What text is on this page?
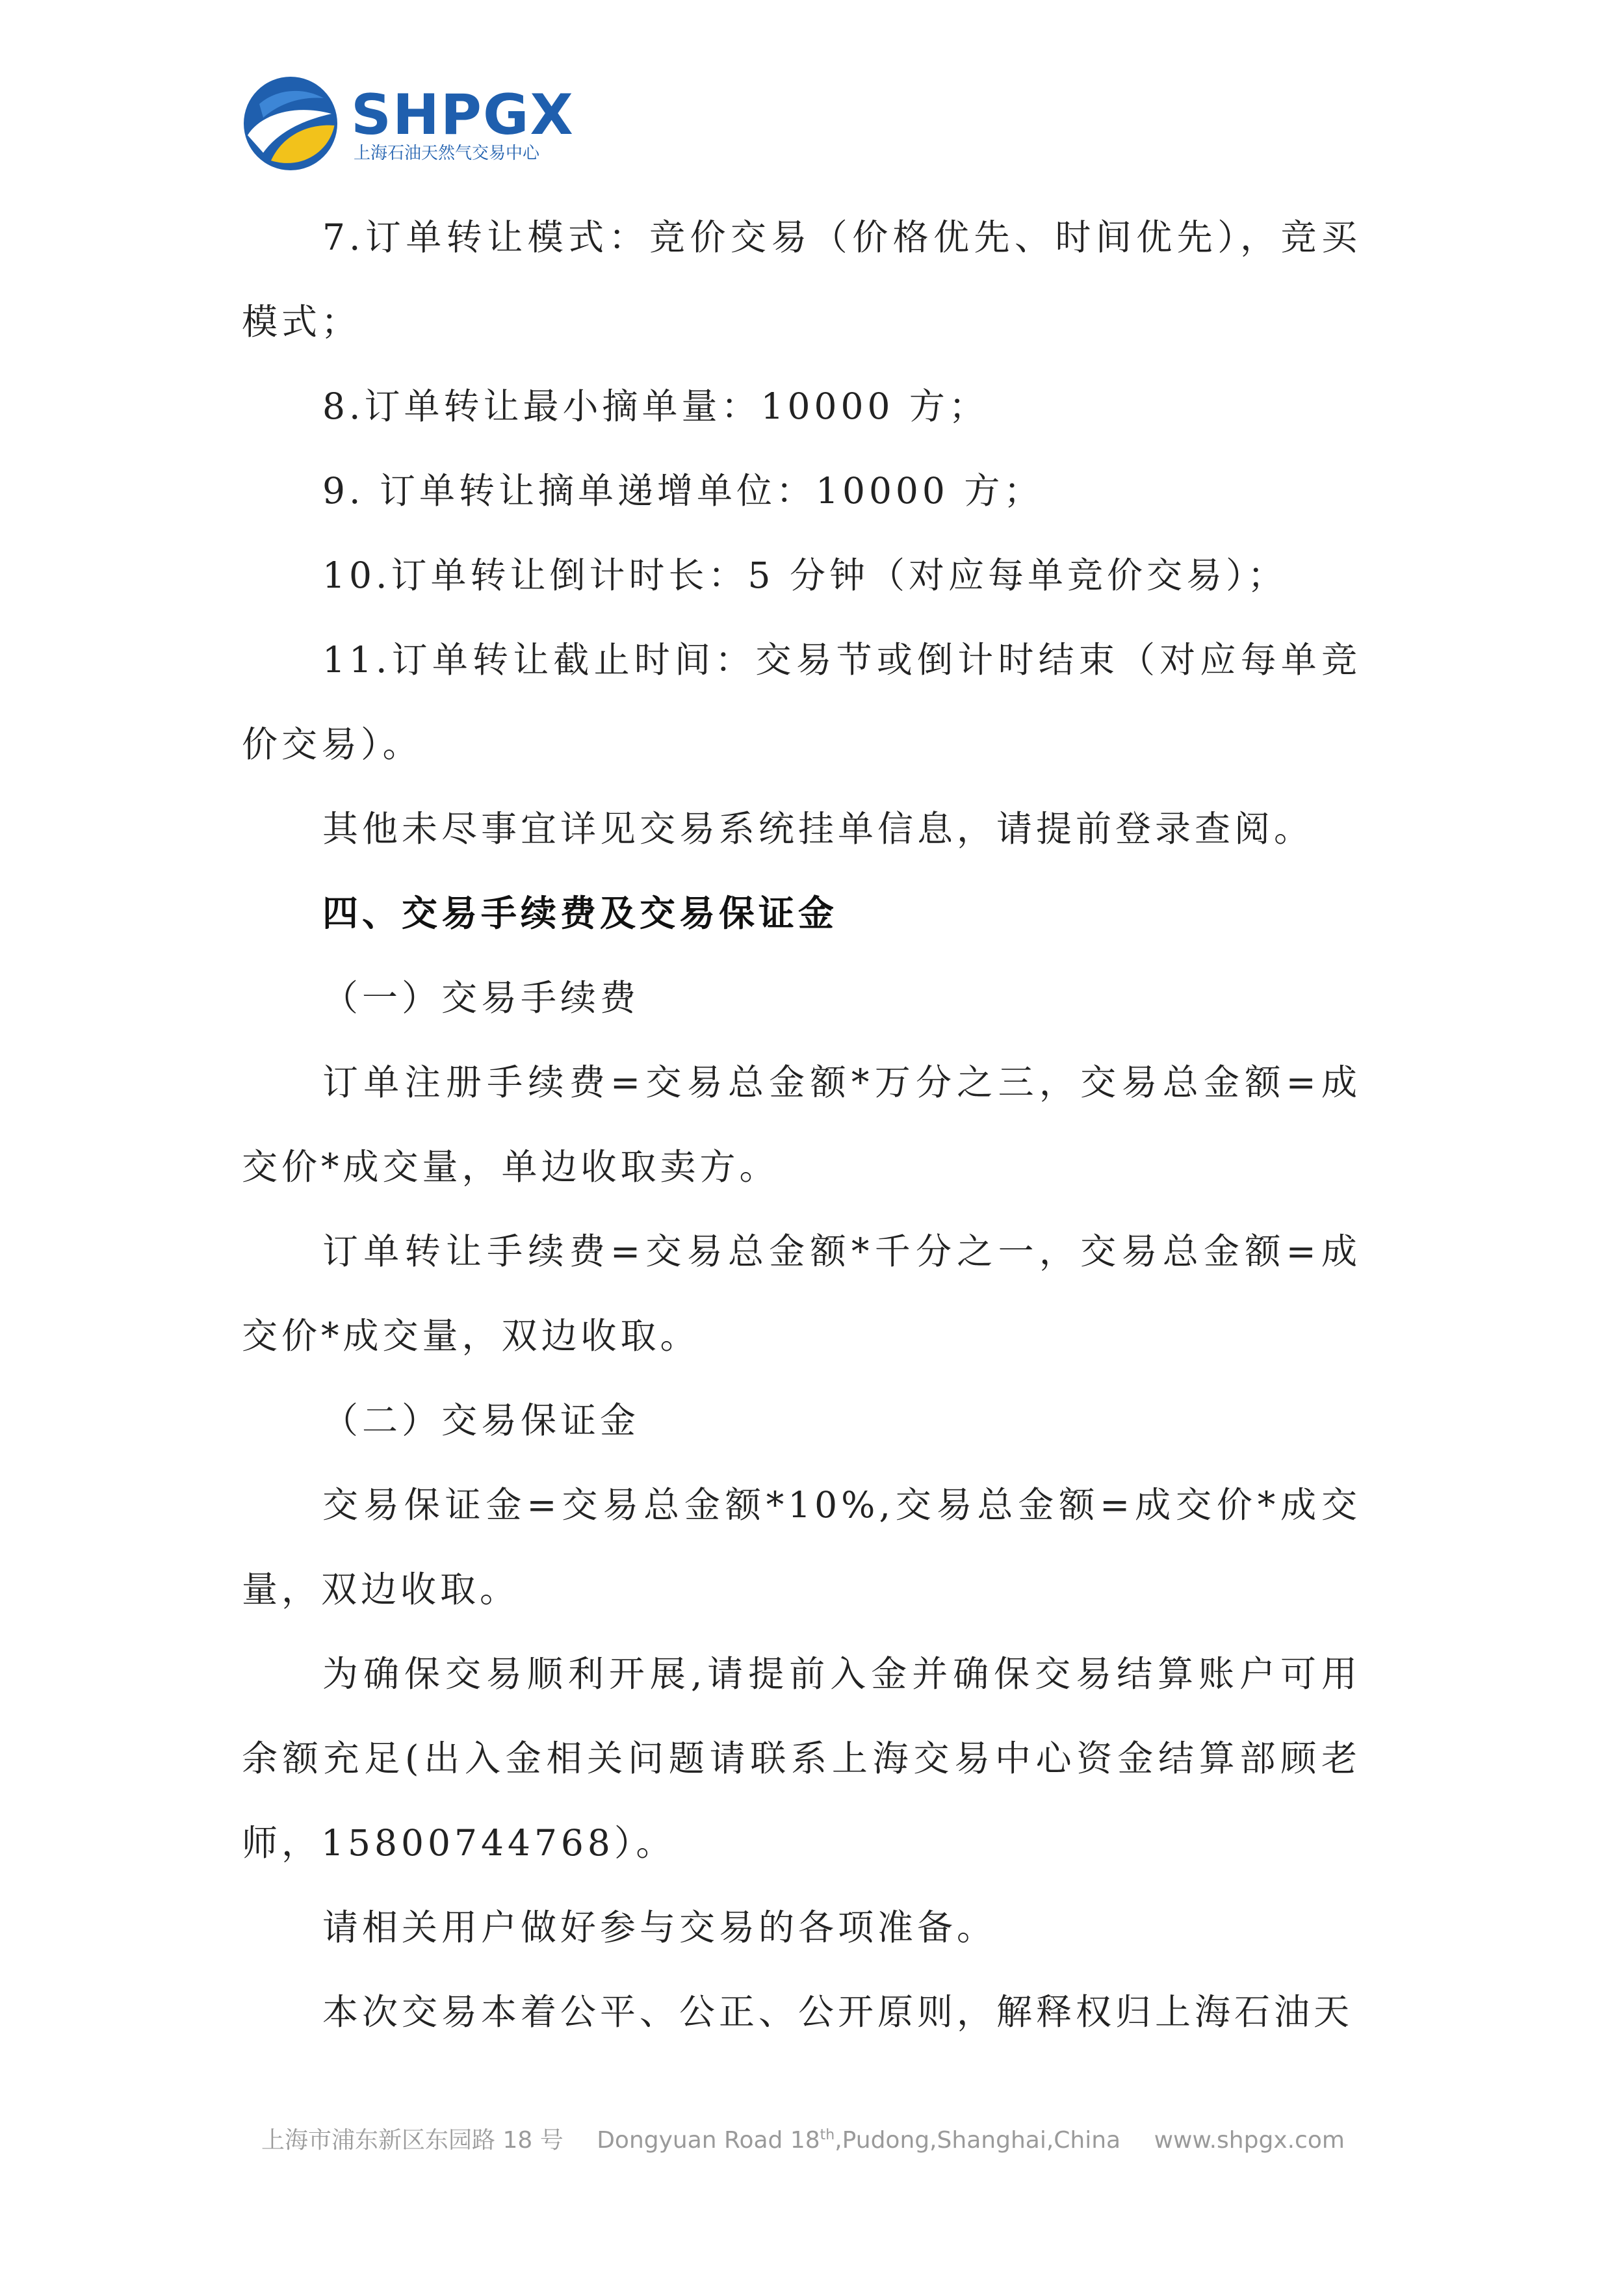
SHPGX
上海石油天然气交易中心

7.订单转让模式：竞价交易（价格优先、时间优先），竞买模式；

8.订单转让最小摘单量：10000 方；

9. 订单转让摘单递增单位：10000 方；

10.订单转让倒计时长：5 分钟（对应每单竞价交易）；

11.订单转让截止时间：交易节或倒计时结束（对应每单竞价交易）。

其他未尽事宜详见交易系统挂单信息，请提前登录查阅。

四、交易手续费及交易保证金

（一）交易手续费

订单注册手续费=交易总金额*万分之三，交易总金额=成交价*成交量，单边收取卖方。

订单转让手续费=交易总金额*千分之一，交易总金额=成交价*成交量，双边收取。

（二）交易保证金

交易保证金=交易总金额*10%,交易总金额=成交价*成交量，双边收取。

为确保交易顺利开展,请提前入金并确保交易结算账户可用余额充足(出入金相关问题请联系上海交易中心资金结算部顾老师，15800744768）。

请相关用户做好参与交易的各项准备。

本次交易本着公平、公正、公开原则，解释权归上海石油天

上海市浦东新区东园路 18 号 Dongyuan Road 18th,Pudong,Shanghai,China www.shpgx.com
